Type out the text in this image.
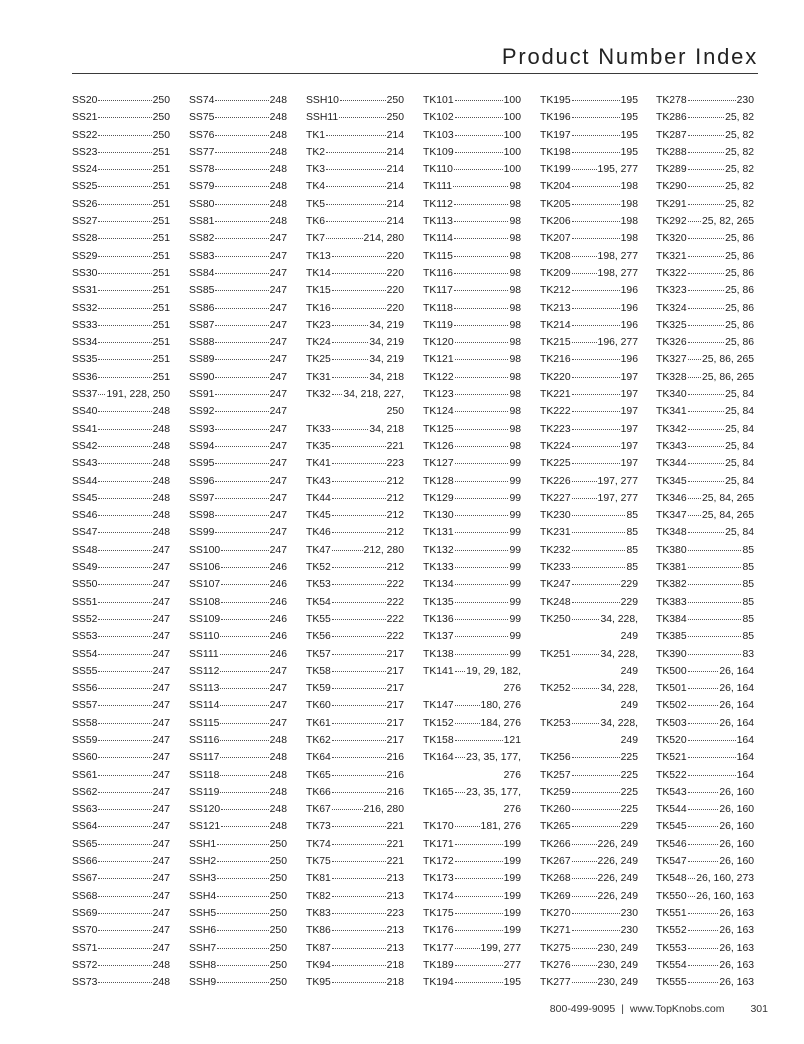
Product Number Index
SS20	250
SS21	250
SS22	250
SS23	251
SS24	251
SS25	251
SS26	251
SS27	251
SS28	251
SS29	251
SS30	251
SS31	251
SS32	251
SS33	251
SS34	251
SS35	251
SS36	251
SS37 191, 228, 250
SS40	248
SS41	248
SS42	248
SS43	248
SS44	248
SS45	248
SS46	248
SS47	248
SS48	247
SS49	247
SS50	247
SS51	247
SS52	247
SS53	247
SS54	247
SS55	247
SS56	247
SS57	247
SS58	247
SS59	247
SS60	247
SS61	247
SS62	247
SS63	247
SS64	247
SS65	247
SS66	247
SS67	247
SS68	247
SS69	247
SS70	247
SS71	247
SS72	248
SS73	248
SS74	248
SS75	248
SS76	248
SS77	248
SS78	248
SS79	248
SS80	248
SS81	248
SS82	247
SS83	247
SS84	247
SS85	247
SS86	247
SS87	247
SS88	247
SS89	247
SS90	247
SS91	247
SS92	247
SS93	247
SS94	247
SS95	247
SS96	247
SS97	247
SS98	247
SS99	247
SS100	247
SS106	246
SS107	246
SS108	246
SS109	246
SS110	246
SS111	246
SS112	247
SS113	247
SS114	247
SS115	247
SS116	248
SS117	248
SS118	248
SS119	248
SS120	248
SS121	248
SSH1	250
SSH2	250
SSH3	250
SSH4	250
SSH5	250
SSH6	250
SSH7	250
SSH8	250
SSH9	250
SSH10	250
SSH11	250
TK1	214
TK2	214
TK3	214
TK4	214
TK5	214
TK6	214
TK7	214, 280
TK13	220
TK14	220
TK15	220
TK16	220
TK23	34, 219
TK24	34, 219
TK25	34, 219
TK31	34, 218
TK32 34, 218, 227,
250
TK33	34, 218
TK35	221
TK41	223
TK43	212
TK44	212
TK45	212
TK46	212
TK47	212, 280
TK52	212
TK53	222
TK54	222
TK55	222
TK56	222
TK57	217
TK58	217
TK59	217
TK60	217
TK61	217
TK62	217
TK64	216
TK65	216
TK66	216
TK67	216, 280
TK73	221
TK74	221
TK75	221
TK81	213
TK82	213
TK83	223
TK86	213
TK87	213
TK94	218
TK95	218
TK101	100
TK102	100
TK103	100
TK109	100
TK110	100
TK111	98
TK112	98
TK113	98
TK114	98
TK115	98
TK116	98
TK117	98
TK118	98
TK119	98
TK120	98
TK121	98
TK122	98
TK123	98
TK124	98
TK125	98
TK126	98
TK127	99
TK128	99
TK129	99
TK130	99
TK131	99
TK132	99
TK133	99
TK134	99
TK135	99
TK136	99
TK137	99
TK138	99
TK141 19, 29, 182,
276
TK147	180, 276
TK152	184, 276
TK158	121
TK164 23, 35, 177,
276
TK165 23, 35, 177,
276
TK170	181, 276
TK171	199
TK172	199
TK173	199
TK174	199
TK175	199
TK176	199
TK177	199, 277
TK189	277
TK194	195
TK195	195
TK196	195
TK197	195
TK198	195
TK199	195, 277
TK204	198
TK205	198
TK206	198
TK207	198
TK208	198, 277
TK209	198, 277
TK212	196
TK213	196
TK214	196
TK215	196, 277
TK216	196
TK220	197
TK221	197
TK222	197
TK223	197
TK224	197
TK225	197
TK226	197, 277
TK227	197, 277
TK230	85
TK231	85
TK232	85
TK233	85
TK247	229
TK248	229
TK250	34, 228,
249
TK251	34, 228,
249
TK252	34, 228,
249
TK253	34, 228,
249
TK256	225
TK257	225
TK259	225
TK260	225
TK265	229
TK266	226, 249
TK267	226, 249
TK268	226, 249
TK269	226, 249
TK270	230
TK271	230
TK275	230, 249
TK276	230, 249
TK277	230, 249
TK278	230
TK286	25, 82
TK287	25, 82
TK288	25, 82
TK289	25, 82
TK290	25, 82
TK291	25, 82
TK292 25, 82, 265
TK320	25, 86
TK321	25, 86
TK322	25, 86
TK323	25, 86
TK324	25, 86
TK325	25, 86
TK326	25, 86
TK327 25, 86, 265
TK328 25, 86, 265
TK340	25, 84
TK341	25, 84
TK342	25, 84
TK343	25, 84
TK344	25, 84
TK345	25, 84
TK346 25, 84, 265
TK347 25, 84, 265
TK348	25, 84
TK380	85
TK381	85
TK382	85
TK383	85
TK384	85
TK385	85
TK390	83
TK500	26, 164
TK501	26, 164
TK502	26, 164
TK503	26, 164
TK520	164
TK521	164
TK522	164
TK543	26, 160
TK544	26, 160
TK545	26, 160
TK546	26, 160
TK547	26, 160
TK548 26, 160, 273
TK550 26, 160, 163
TK551	26, 163
TK552	26, 163
TK553	26, 163
TK554	26, 163
TK555	26, 163
800-499-9095 | www.TopKnobs.com 301
